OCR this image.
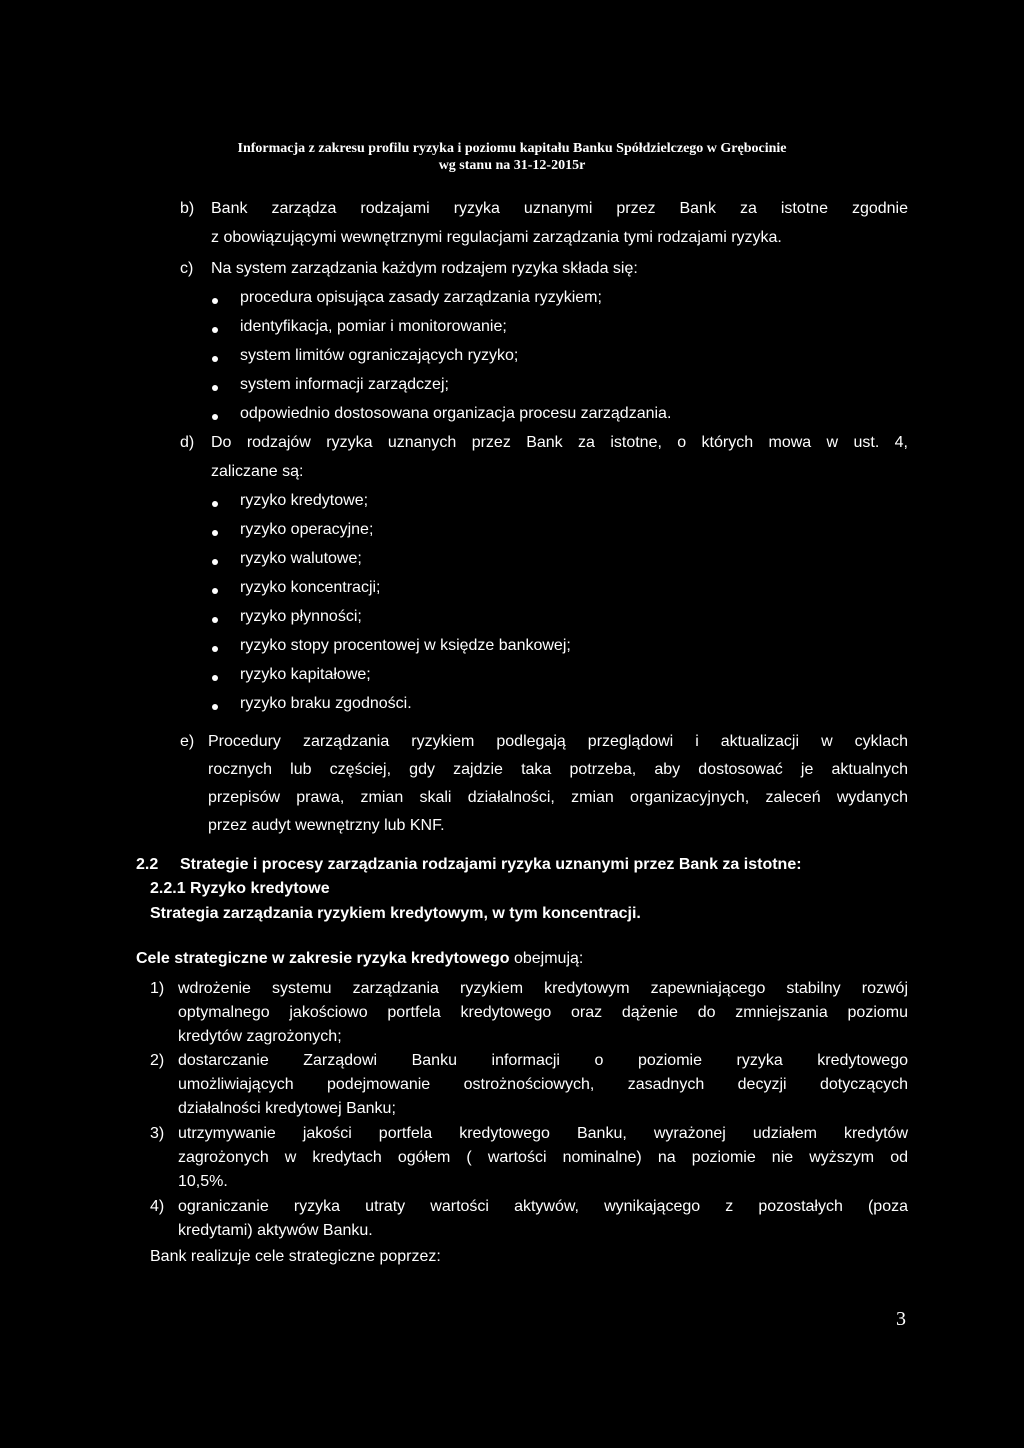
Informacja z zakresu profilu ryzyka i poziomu kapitału Banku Spółdzielczego w Grębocinie
wg stanu na 31-12-2015r
b) Bank zarządza rodzajami ryzyka uznanymi przez Bank za istotne zgodnie
z obowiązującymi wewnętrznymi regulacjami zarządzania tymi rodzajami ryzyka.
c) Na system zarządzania każdym rodzajem ryzyka składa się:
procedura opisująca zasady zarządzania ryzykiem;
identyfikacja, pomiar i monitorowanie;
system limitów ograniczających ryzyko;
system informacji zarządczej;
odpowiednio dostosowana organizacja procesu zarządzania.
d) Do rodzajów ryzyka uznanych przez Bank za istotne, o których mowa w ust. 4,
zaliczane są:
ryzyko kredytowe;
ryzyko operacyjne;
ryzyko walutowe;
ryzyko koncentracji;
ryzyko płynności;
ryzyko stopy procentowej w księdze bankowej;
ryzyko kapitałowe;
ryzyko braku zgodności.
e) Procedury zarządzania ryzykiem podlegają przeglądowi i aktualizacji w cyklach
rocznych lub częściej, gdy zajdzie taka potrzeba, aby dostosować je aktualnych
przepisów prawa, zmian skali działalności, zmian organizacyjnych, zaleceń wydanych
przez audyt wewnętrzny lub KNF.
2.2 Strategie i procesy zarządzania rodzajami ryzyka uznanymi przez Bank za istotne:
2.2.1 Ryzyko kredytowe
Strategia zarządzania ryzykiem kredytowym, w tym koncentracji.
Cele strategiczne w zakresie ryzyka kredytowego obejmują:
1) wdrożenie systemu zarządzania ryzykiem kredytowym zapewniającego stabilny rozwój
optymalnego jakościowo portfela kredytowego oraz dążenie do zmniejszania poziomu
kredytów zagrożonych;
2) dostarczanie Zarządowi Banku informacji o poziomie ryzyka kredytowego
umożliwiających podejmowanie ostrożnościowych, zasadnych decyzji dotyczących
działalności kredytowej Banku;
3) utrzymywanie jakości portfela kredytowego Banku, wyrażonej udziałem kredytów
zagrożonych w kredytach ogółem ( wartości nominalne) na poziomie nie wyższym od
10,5%.
4) ograniczanie ryzyka utraty wartości aktywów, wynikającego z pozostałych (poza
kredytami) aktywów Banku.
Bank realizuje cele strategiczne poprzez:
3
